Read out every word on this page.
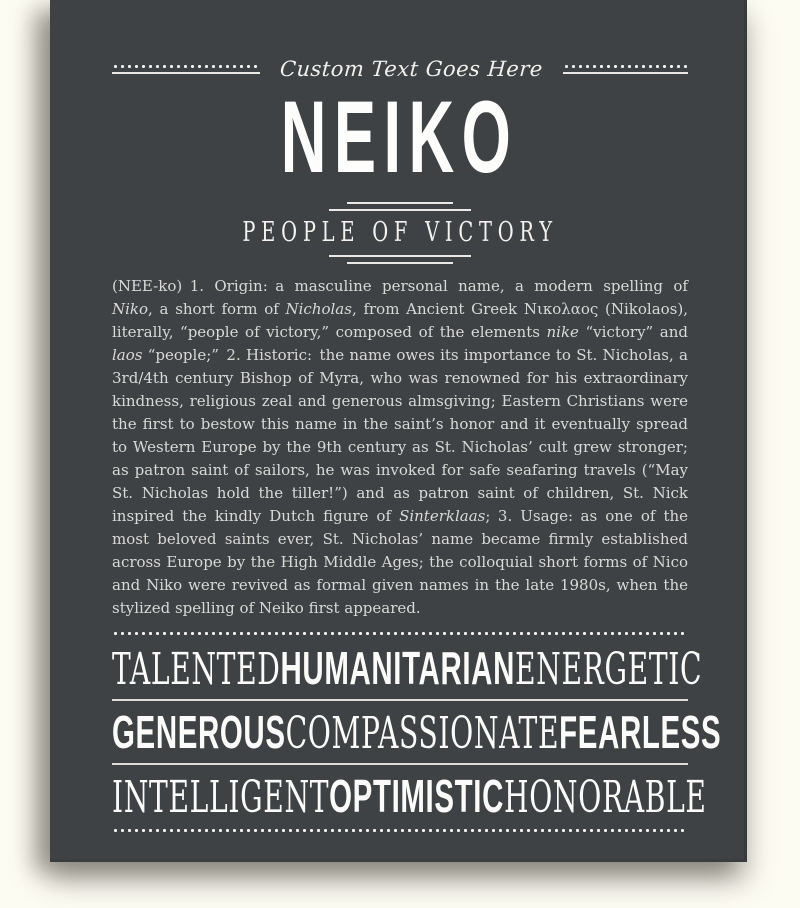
Custom Text Goes Here
NEIKO
PEOPLE OF VICTORY

(NEE-ko) 1. Origin: a masculine personal name, a modern spelling of Niko, a short form of Nicholas, from Ancient Greek Νικολαος (Nikolaos), literally, “people of victory,” composed of the elements nike “victory” and laos “people;” 2. Historic: the name owes its importance to St. Nicholas, a 3rd/4th century Bishop of Myra, who was renowned for his extraordinary kindness, religious zeal and generous almsgiving; Eastern Christians were the first to bestow this name in the saint’s honor and it eventually spread to Western Europe by the 9th century as St. Nicholas’ cult grew stronger; as patron saint of sailors, he was invoked for safe seafaring travels (“May St. Nicholas hold the tiller!”) and as patron saint of children, St. Nick inspired the kindly Dutch figure of Sinterklaas; 3. Usage: as one of the most beloved saints ever, St. Nicholas’ name became firmly established across Europe by the High Middle Ages; the colloquial short forms of Nico and Niko were revived as formal given names in the late 1980s, when the stylized spelling of Neiko first appeared.

TALENTED HUMANITARIAN ENERGETIC
GENEROUS COMPASSIONATE FEARLESS
INTELLIGENT OPTIMISTIC HONORABLE
